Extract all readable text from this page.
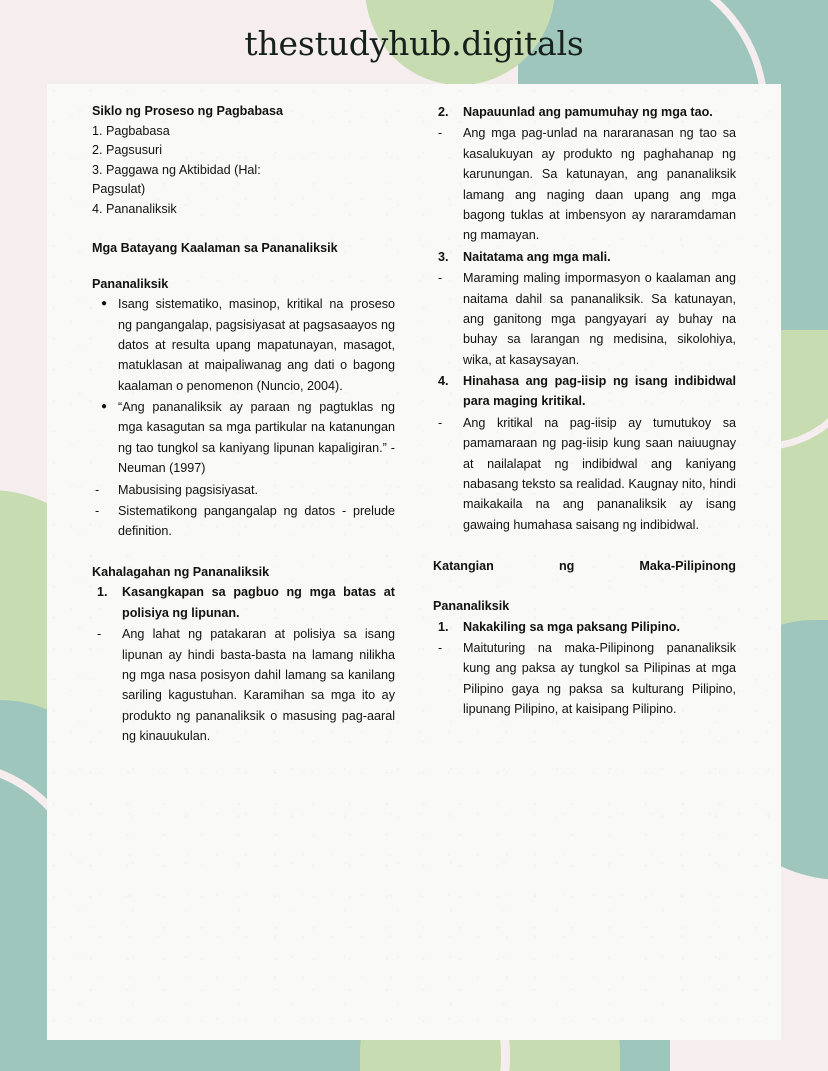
thestudyhub.digitals
Siklo ng Proseso ng Pagbabasa
1. Pagbabasa
2. Pagsusuri
3. Paggawa ng Aktibidad (Hal:
Pagsulat)
4. Pananaliksik
Mga Batayang Kaalaman sa Pananaliksik
Pananaliksik
● Isang sistematiko, masinop, kritikal na proseso ng pangangalap, pagsisiyasat at pagsasaayos ng datos at resulta upang mapatunayan, masagot, matuklasan at maipaliwanag ang dati o bagong kaalaman o penomenon (Nuncio, 2004).
● “Ang pananaliksik ay paraan ng pagtuklas ng mga kasagutan sa mga partikular na katanungan ng tao tungkol sa kaniyang lipunan kapaligiran.” - Neuman (1997)
-	Mabusising pagsisiyasat.
-	Sistematikong pangangalap ng datos - prelude definition.
Kahalagahan ng Pananaliksik
1.	Kasangkapan sa pagbuo ng mga batas at polisiya ng lipunan.
-	Ang lahat ng patakaran at polisiya sa isang lipunan ay hindi basta-basta na lamang nilikha ng mga nasa posisyon dahil lamang sa kanilang sariling kagustuhan. Karamihan sa mga ito ay produkto ng pananaliksik o masusing pag-aaral ng kinauukulan.
2.	Napauunlad ang pamumuhay ng mga tao.
-	Ang mga pag-unlad na nararanasan ng tao sa kasalukuyan ay produkto ng paghahanap ng karunungan. Sa katunayan, ang pananaliksik lamang ang naging daan upang ang mga bagong tuklas at imbensyon ay nararamdaman ng mamayan.
3.	Naitatama ang mga mali.
-	Maraming maling impormasyon o kaalaman ang naitama dahil sa pananaliksik. Sa katunayan, ang ganitong mga pangyayari ay buhay na buhay sa larangan ng medisina, sikolohiya, wika, at kasaysayan.
4.	Hinahasa ang pag-iisip ng isang indibidwal para maging kritikal.
-	Ang kritikal na pag-iisip ay tumutukoy sa pamamaraan ng pag-iisip kung saan naiuugnay at nailalapat ng indibidwal ang kaniyang nabasang teksto sa realidad. Kaugnay nito, hindi maikakaila na ang pananaliksik ay isang gawaing humahasa saisang ng indibidwal.
Katangian ng Maka-Pilipinong
Pananaliksik
1.	Nakakiling sa mga paksang Pilipino.
-	Maituturing na maka-Pilipinong pananaliksik kung ang paksa ay tungkol sa Pilipinas at mga Pilipino gaya ng paksa sa kulturang Pilipino, lipunang Pilipino, at kaisipang Pilipino.
